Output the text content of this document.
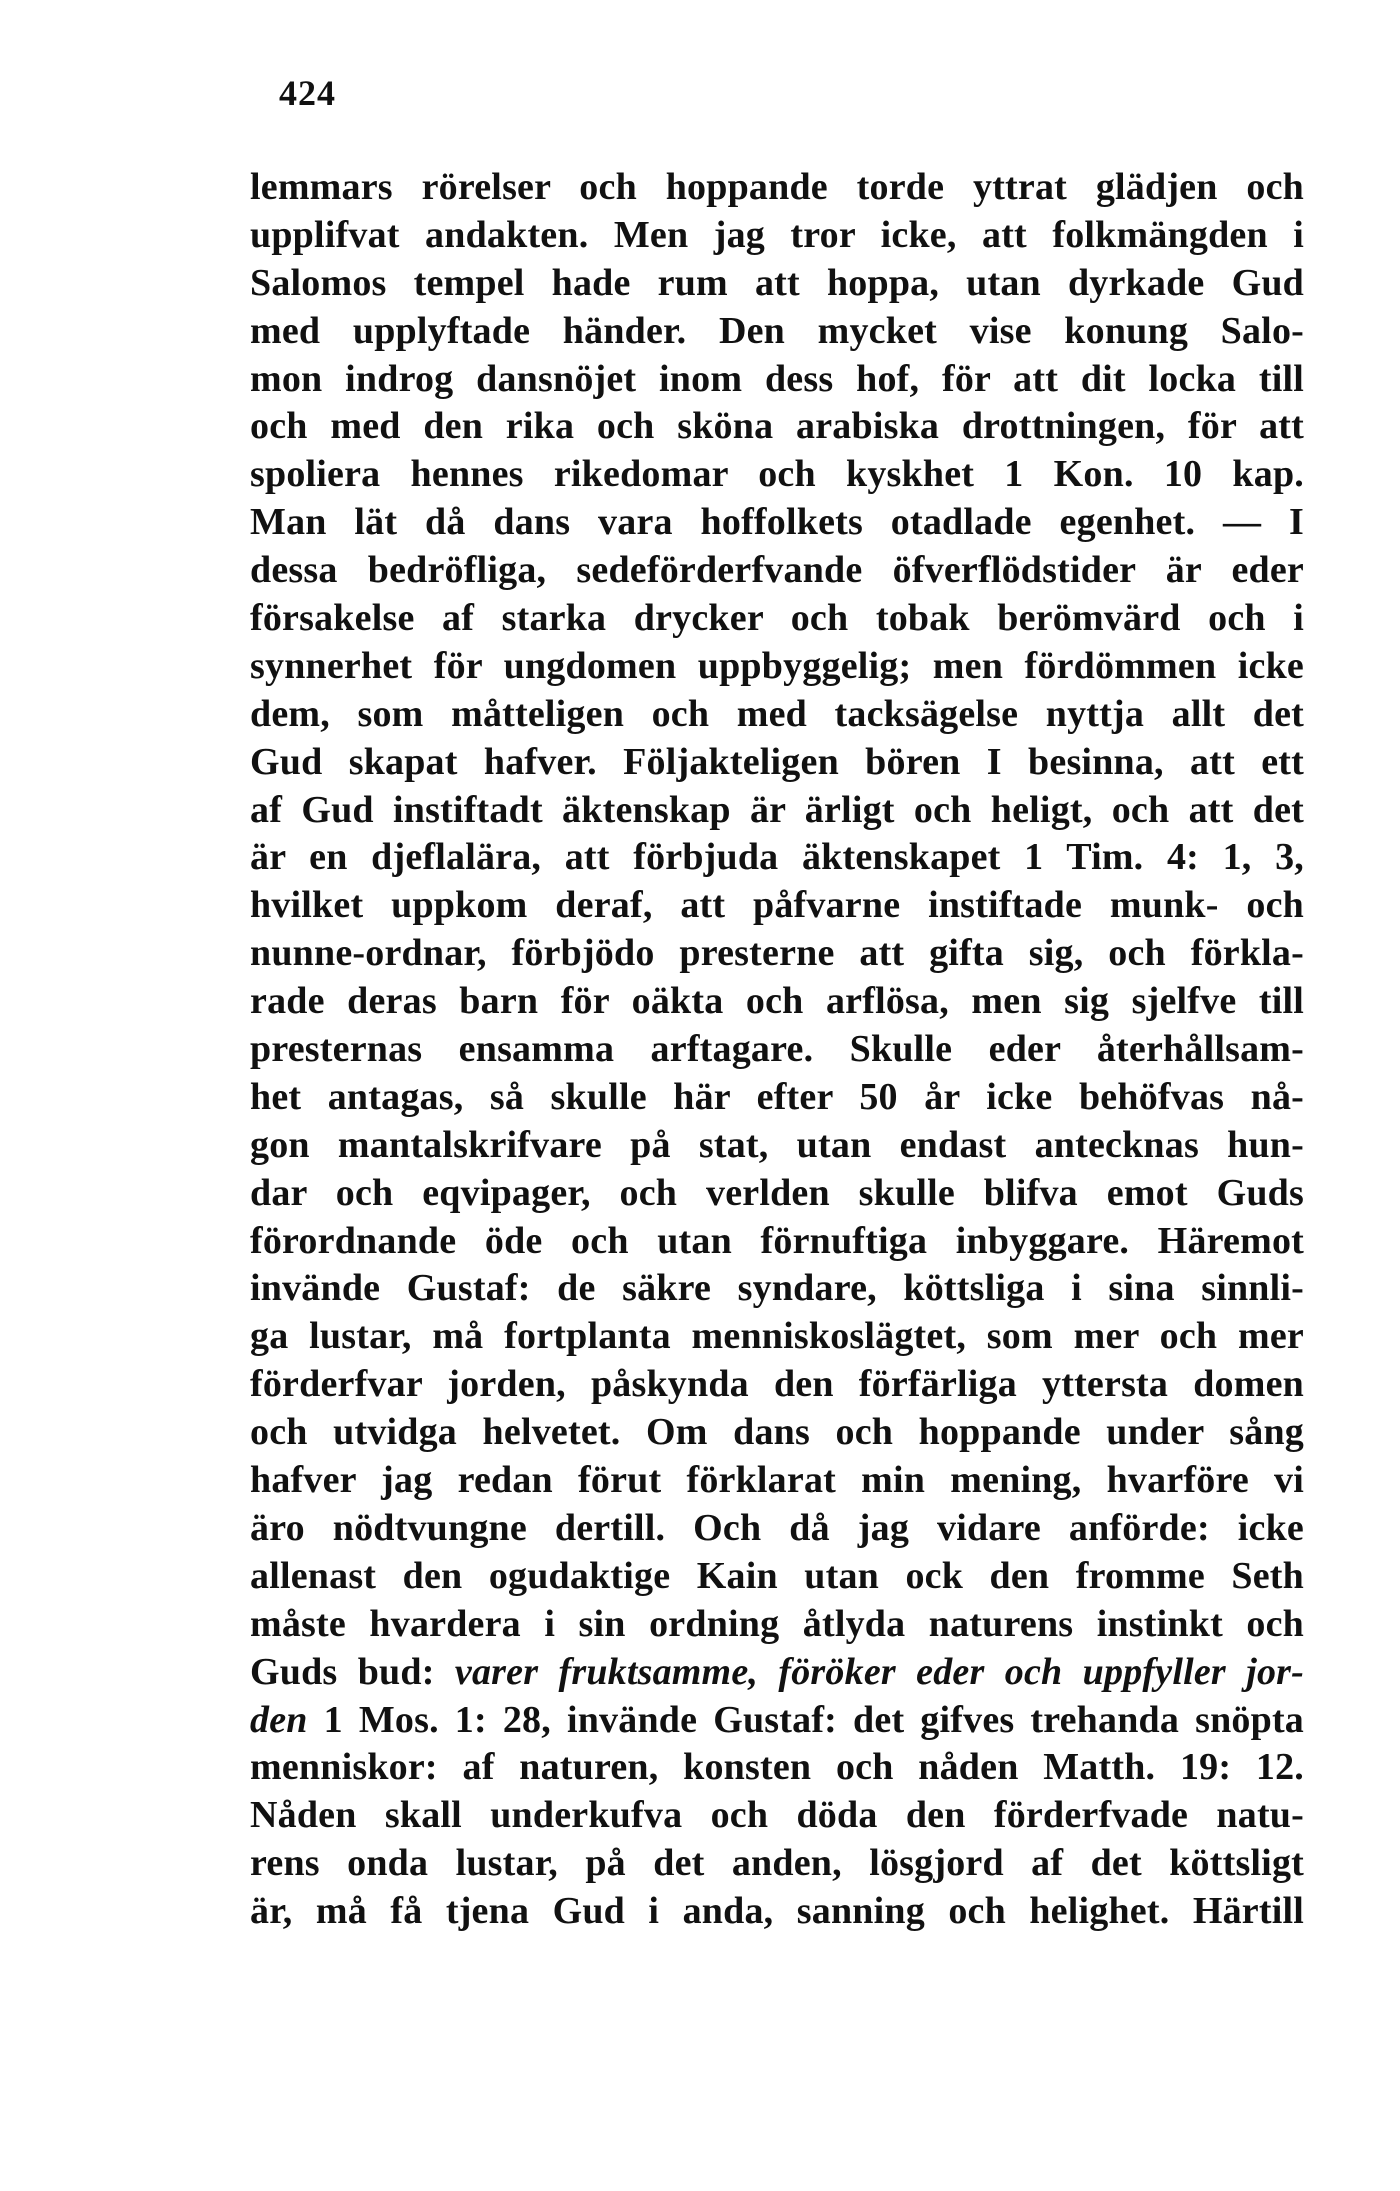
424
lemmars rörelser och hoppande torde yttrat glädjen och
upplifvat andakten. Men jag tror icke, att folkmängden i
Salomos tempel hade rum att hoppa, utan dyrkade Gud
med upplyftade händer. Den mycket vise konung Salo-
mon indrog dansnöjet inom dess hof, för att dit locka till
och med den rika och sköna arabiska drottningen, för att
spoliera hennes rikedomar och kyskhet 1 Kon. 10 kap.
Man lät då dans vara hoffolkets otadlade egenhet. — I
dessa bedröfliga, sedeförderfvande öfverflödstider är eder
försakelse af starka drycker och tobak berömvärd och i
synnerhet för ungdomen uppbyggelig; men fördömmen icke
dem, som måtteligen och med tacksägelse nyttja allt det
Gud skapat hafver. Följakteligen bören I besinna, att ett
af Gud instiftadt äktenskap är ärligt och heligt, och att det
är en djeflalära, att förbjuda äktenskapet 1 Tim. 4: 1, 3,
hvilket uppkom deraf, att påfvarne instiftade munk- och
nunne-ordnar, förbjödo presterne att gifta sig, och förkla-
rade deras barn för oäkta och arflösa, men sig sjelfve till
presternas ensamma arftagare. Skulle eder återhållsam-
het antagas, så skulle här efter 50 år icke behöfvas nå-
gon mantalskrifvare på stat, utan endast antecknas hun-
dar och eqvipager, och verlden skulle blifva emot Guds
förordnande öde och utan förnuftiga inbyggare. Häremot
invände Gustaf: de säkre syndare, köttsliga i sina sinnli-
ga lustar, må fortplanta menniskoslägtet, som mer och mer
förderfvar jorden, påskynda den förfärliga yttersta domen
och utvidga helvetet. Om dans och hoppande under sång
hafver jag redan förut förklarat min mening, hvarföre vi
äro nödtvungne dertill. Och då jag vidare anförde: icke
allenast den ogudaktige Kain utan ock den fromme Seth
måste hvardera i sin ordning åtlyda naturens instinkt och
Guds bud: varer fruktsamme, föröker eder och uppfyller jor-
den 1 Mos. 1: 28, invände Gustaf: det gifves trehanda snöpta
menniskor: af naturen, konsten och nåden Matth. 19: 12.
Nåden skall underkufva och döda den förderfvade natu-
rens onda lustar, på det anden, lösgjord af det köttsligt
är, må få tjena Gud i anda, sanning och helighet. Härtill
